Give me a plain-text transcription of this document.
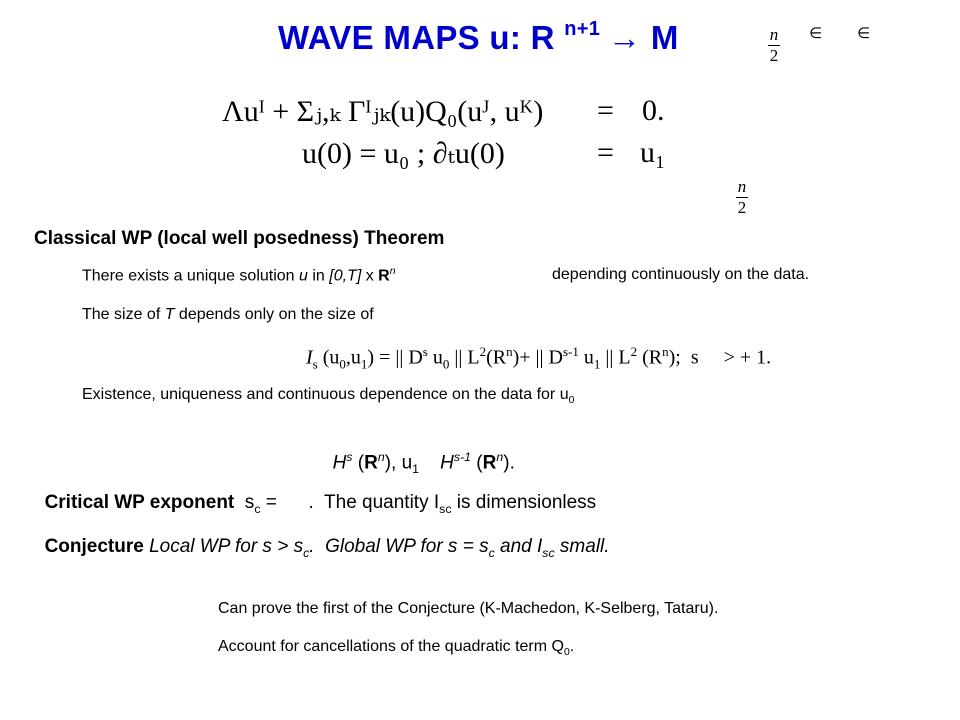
WAVE MAPS u: R $^{n+1}$ → M	$\frac{n}{2}$ ∈ ∈
Λuᴵ + Σⱼ,ₖ Γᴵⱼₖ(u)Q₀(uᴶ, uᴷ) = 0.
u(0) = u₀ ; ∂ₜu(0)	= u₁
$\frac{n}{2}$
Classical WP (local well posedness) Theorem
There exists a unique solution u in [0,T] x $R^n$	depending continuously on the data.
The size of T depends only on the size of
$I_s$ $(u_0,u_1)$ = || $D^s$ $u_0$ || $L^2(R^n)+$ || $D^{s-1}$ $u_1$ || $L^2$ $(R^n)$;  s     > + 1.
Existence, uniqueness and continuous dependence on the data for $u_0$

$H^s$ $(R^n)$, $u_1$ $H^{s-1}$ $(R^n)$.

Critical WP exponent  $s_c$ =      .  The quantity $I_{sc}$ is dimensionless

Conjecture Local WP for $s > s_c$.  Global WP for $s = s_c$ and $I_{sc}$ small.

Can prove the first of the Conjecture (K-Machedon, K-Selberg, Tataru).
Account for cancellations of the quadratic term $Q_0$.
